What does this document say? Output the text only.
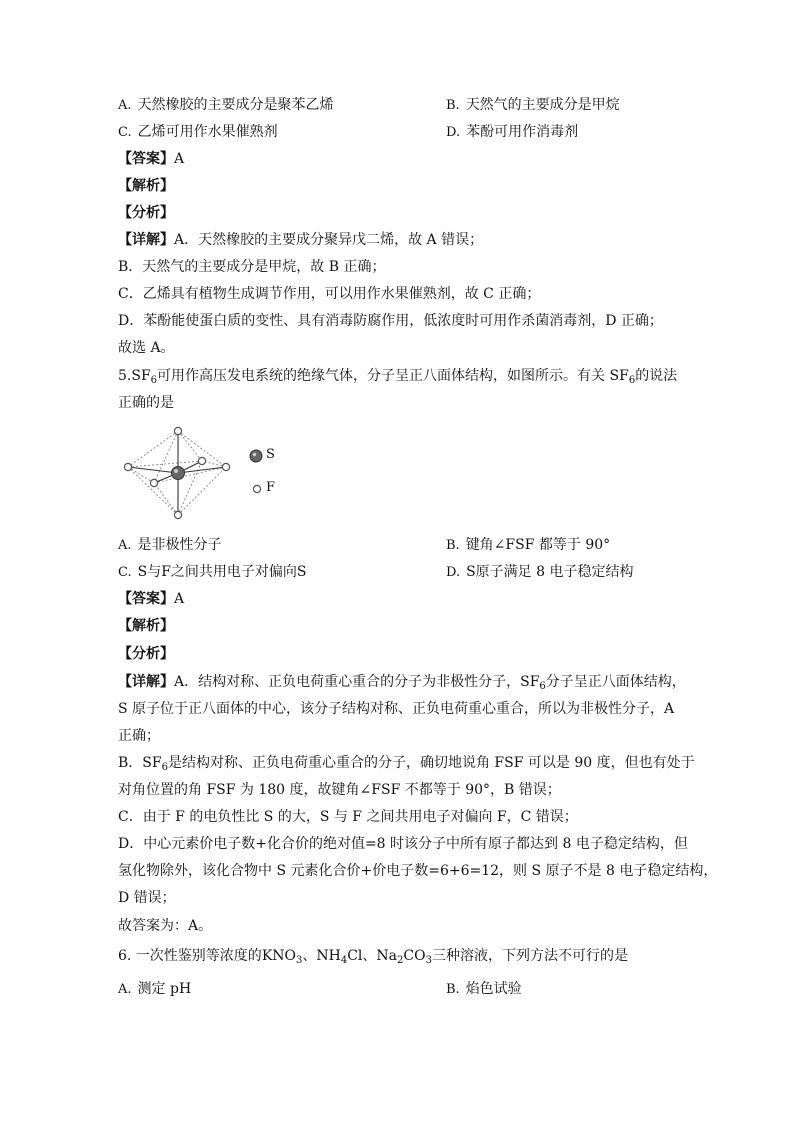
A. 天然橡胶的主要成分是聚苯乙烯	B. 天然气的主要成分是甲烷
C. 乙烯可用作水果催熟剂	D. 苯酚可用作消毒剂
【答案】A
【解析】
【分析】
【详解】A．天然橡胶的主要成分聚异戊二烯，故 A 错误；
B．天然气的主要成分是甲烷，故 B 正确；
C．乙烯具有植物生成调节作用，可以用作水果催熟剂，故 C 正确；
D．苯酚能使蛋白质的变性、具有消毒防腐作用，低浓度时可用作杀菌消毒剂，D 正确；
故选 A。
$5.SF_6$可用作高压发电系统的绝缘气体，分子呈正八面体结构，如图所示。有关 $SF_6$的说法
正确的是
S
F
A. 是非极性分子	B. 键角∠FSF 都等于 90°
C. S与F之间共用电子对偏向S	D. S原子满足 8 电子稳定结构
【答案】A
【解析】
【分析】
【详解】A．结构对称、正负电荷重心重合的分子为非极性分子，$SF_6$分子呈正八面体结构，
S 原子位于正八面体的中心，该分子结构对称、正负电荷重心重合，所以为非极性分子，A
正确；
B．$SF_6$是结构对称、正负电荷重心重合的分子，确切地说角 FSF 可以是 90 度，但也有处于
对角位置的角 FSF 为 180 度，故键角∠FSF 不都等于 90°，B 错误；
C．由于 F 的电负性比 S 的大，S 与 F 之间共用电子对偏向 F，C 错误；
D．中心元素价电子数+化合价的绝对值=8 时该分子中所有原子都达到 8 电子稳定结构，但
氢化物除外，该化合物中 S 元素化合价+价电子数=6+6=12，则 S 原子不是 8 电子稳定结构，
D 错误；
故答案为：A。
6. 一次性鉴别等浓度的$KNO_3$、$NH_4Cl$、$Na_2CO_3$三种溶液，下列方法不可行的是
A. 测定 pH	B. 焰色试验
